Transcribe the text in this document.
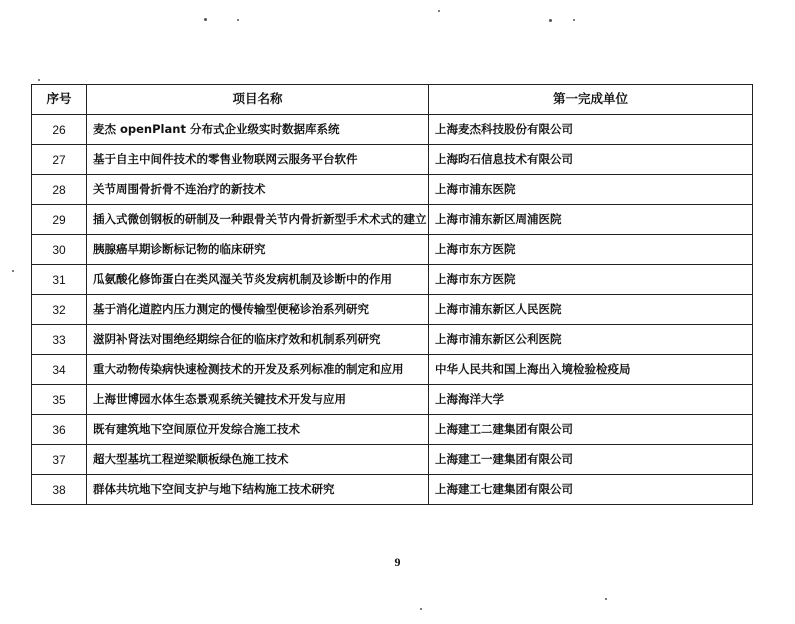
序号	项目名称	第一完成单位
26	麦杰 openPlant 分布式企业级实时数据库系统	上海麦杰科技股份有限公司
27	基于自主中间件技术的零售业物联网云服务平台软件	上海昀石信息技术有限公司
28	关节周围骨折骨不连治疗的新技术	上海市浦东医院
29	插入式微创钢板的研制及一种跟骨关节内骨折新型手术术式的建立	上海市浦东新区周浦医院
30	胰腺癌早期诊断标记物的临床研究	上海市东方医院
31	瓜氨酸化修饰蛋白在类风湿关节炎发病机制及诊断中的作用	上海市东方医院
32	基于消化道腔内压力测定的慢传输型便秘诊治系列研究	上海市浦东新区人民医院
33	滋阴补肾法对围绝经期综合征的临床疗效和机制系列研究	上海市浦东新区公利医院
34	重大动物传染病快速检测技术的开发及系列标准的制定和应用	中华人民共和国上海出入境检验检疫局
35	上海世博园水体生态景观系统关键技术开发与应用	上海海洋大学
36	既有建筑地下空间原位开发综合施工技术	上海建工二建集团有限公司
37	超大型基坑工程逆梁顺板绿色施工技术	上海建工一建集团有限公司
38	群体共坑地下空间支护与地下结构施工技术研究	上海建工七建集团有限公司
9
